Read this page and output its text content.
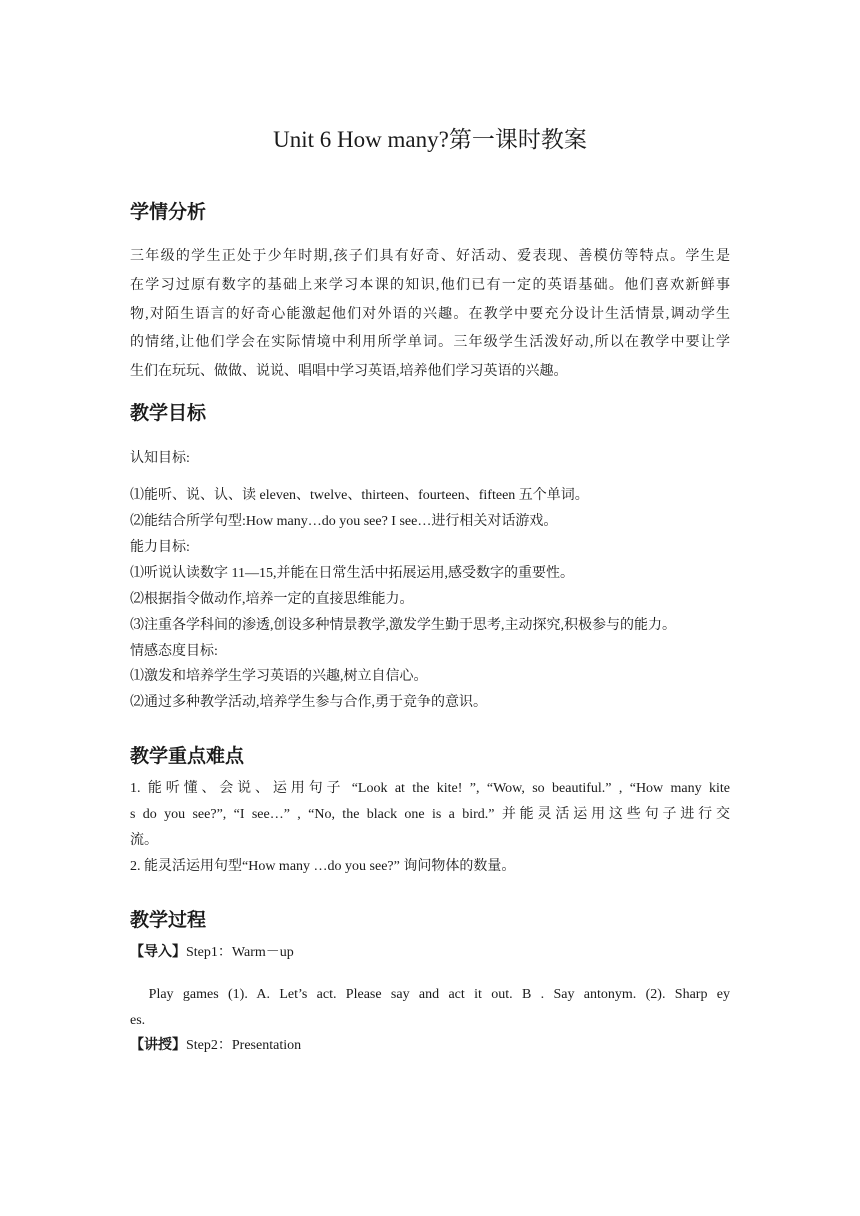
Unit 6 How many?第一课时教案
学情分析
三年级的学生正处于少年时期,孩子们具有好奇、好活动、爱表现、善模仿等特点。学生是
在学习过原有数字的基础上来学习本课的知识,他们已有一定的英语基础。他们喜欢新鲜事
物,对陌生语言的好奇心能激起他们对外语的兴趣。在教学中要充分设计生活情景,调动学生
的情绪,让他们学会在实际情境中利用所学单词。三年级学生活泼好动,所以在教学中要让学
生们在玩玩、做做、说说、唱唱中学习英语,培养他们学习英语的兴趣。
教学目标
认知目标:
⑴能听、说、认、读 eleven、twelve、thirteen、fourteen、fifteen 五个单词。
⑵能结合所学句型:How many…do you see? I see…进行相关对话游戏。
能力目标:
⑴听说认读数字 11—15,并能在日常生活中拓展运用,感受数字的重要性。
⑵根据指令做动作,培养一定的直接思维能力。
⑶注重各学科间的渗透,创设多种情景教学,激发学生勤于思考,主动探究,积极参与的能力。
情感态度目标:
⑴激发和培养学生学习英语的兴趣,树立自信心。
⑵通过多种教学活动,培养学生参与合作,勇于竞争的意识。
教学重点难点
1. 能听懂、会说、运用句子 “Look at the kite! ”, “Wow, so beautiful.” , “How many kite
s do you see?”, “I see…” , “No, the black one is a bird.” 并能灵活运用这些句子进行交
流。
2. 能灵活运用句型“How many …do you see?” 询问物体的数量。
教学过程
【导入】Step1：Warm－up
Play games (1). A. Let’s act. Please say and act it out. B . Say antonym. (2). Sharp ey
es.
【讲授】Step2：Presentation
